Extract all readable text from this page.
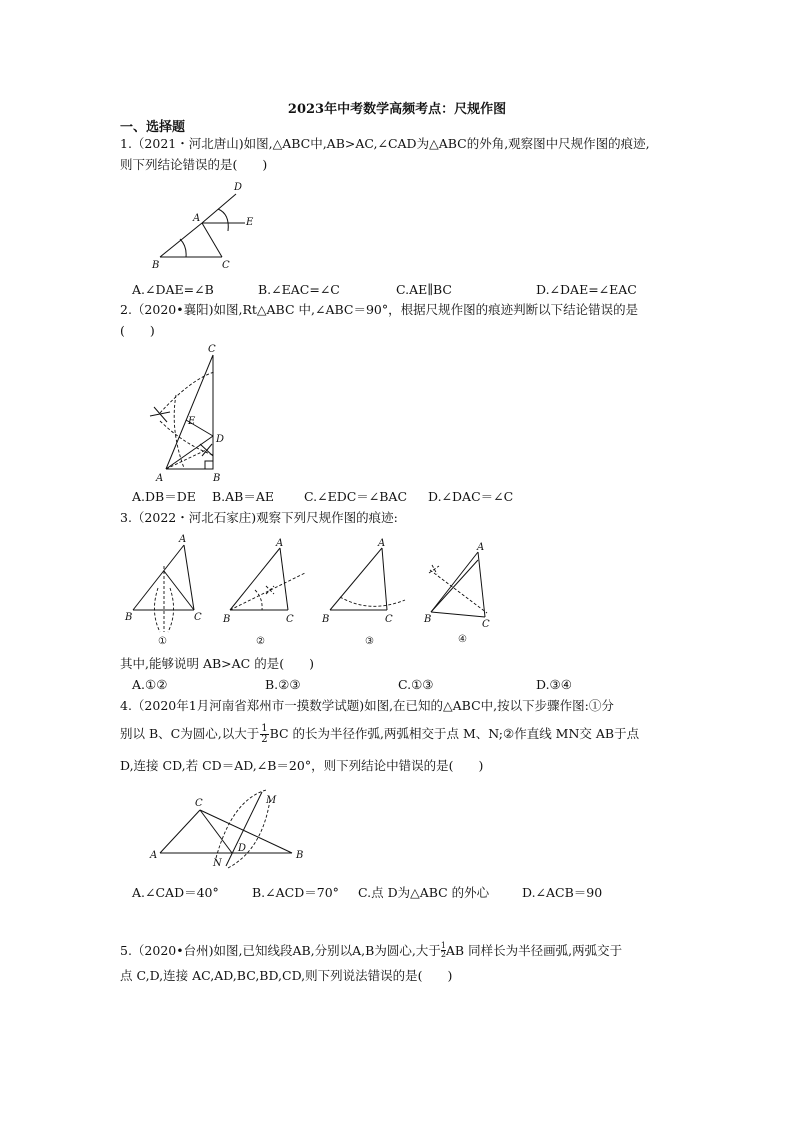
2023年中考数学高频考点：尺规作图
一、选择题
1.（2021・河北唐山)如图,△ABC中,AB>AC,∠CAD为△ABC的外角,观察图中尺规作图的痕迹,
则下列结论错误的是(　　)
D
A	E
B	C
A.∠DAE=∠B	B.∠EAC=∠C	C.AE∥BC	D.∠DAE=∠EAC
2.（2020•襄阳)如图,Rt△ABC 中,∠ABC＝90°，根据尺规作图的痕迹判断以下结论错误的是
(　　)
C
E
D
A	B
A.DB＝DE B.AB＝AE C.∠EDC＝∠BAC D.∠DAC＝∠C
3.（2022・河北石家庄)观察下列尺规作图的痕迹:
A
B	C
①
A
B	C
②
A
B	C
③
A
B	C
④
其中,能够说明 AB>AC 的是(　　)
A.①②	B.②③	C.①③	D.③④
4.（2020年1月河南省郑州市一摸数学试题)如图,在已知的△ABC中,按以下步骤作图:①分
别以 B、C为圆心,以大于 $\frac{1}{2}$ BC 的长为半径作弧,两弧相交于点 M、N;②作直线 MN交 AB于点
D,连接 CD,若 CD＝AD,∠B＝20°，则下列结论中错误的是(　　)
C	M
A
D
B
N
A.∠CAD＝40°	B.∠ACD＝70° C.点 D为△ABC 的外心	D.∠ACB＝90
5.（2020•台州)如图,已知线段AB,分别以A,B为圆心,大于 $\frac{1}{2}$ AB 同样长为半径画弧,两弧交于
点 C,D,连接 AC,AD,BC,BD,CD,则下列说法错误的是(　　)
